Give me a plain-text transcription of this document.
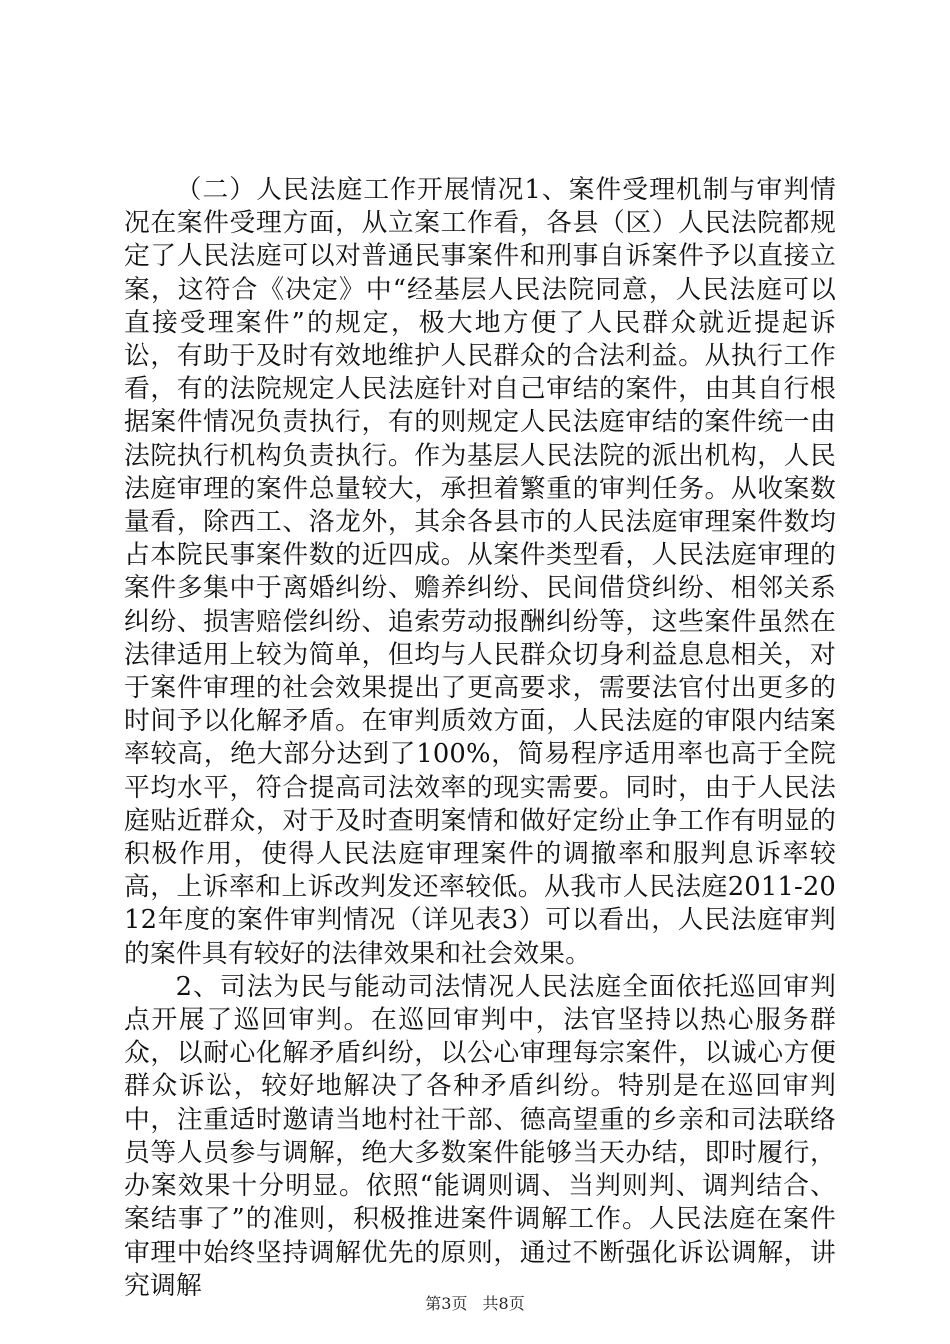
（二）人民法庭工作开展情况1、案件受理机制与审判情况在案件受理方面，从立案工作看，各县（区）人民法院都规定了人民法庭可以对普通民事案件和刑事自诉案件予以直接立案，这符合《决定》中“经基层人民法院同意，人民法庭可以直接受理案件”的规定，极大地方便了人民群众就近提起诉讼，有助于及时有效地维护人民群众的合法利益。从执行工作看，有的法院规定人民法庭针对自己审结的案件，由其自行根据案件情况负责执行，有的则规定人民法庭审结的案件统一由法院执行机构负责执行。作为基层人民法院的派出机构，人民法庭审理的案件总量较大，承担着繁重的审判任务。从收案数量看，除西工、洛龙外，其余各县市的人民法庭审理案件数均占本院民事案件数的近四成。从案件类型看，人民法庭审理的案件多集中于离婚纠纷、赡养纠纷、民间借贷纠纷、相邻关系纠纷、损害赔偿纠纷、追索劳动报酬纠纷等，这些案件虽然在法律适用上较为简单，但均与人民群众切身利益息息相关，对于案件审理的社会效果提出了更高要求，需要法官付出更多的时间予以化解矛盾。在审判质效方面，人民法庭的审限内结案率较高，绝大部分达到了100%，简易程序适用率也高于全院平均水平，符合提高司法效率的现实需要。同时，由于人民法庭贴近群众，对于及时查明案情和做好定纷止争工作有明显的积极作用，使得人民法庭审理案件的调撤率和服判息诉率较高，上诉率和上诉改判发还率较低。从我市人民法庭2011-2012年度的案件审判情况（详见表3）可以看出，人民法庭审判的案件具有较好的法律效果和社会效果。

2、司法为民与能动司法情况人民法庭全面依托巡回审判点开展了巡回审判。在巡回审判中，法官坚持以热心服务群众，以耐心化解矛盾纠纷，以公心审理每宗案件，以诚心方便群众诉讼，较好地解决了各种矛盾纠纷。特别是在巡回审判中，注重适时邀请当地村社干部、德高望重的乡亲和司法联络员等人员参与调解，绝大多数案件能够当天办结，即时履行，办案效果十分明显。依照“能调则调、当判则判、调判结合、案结事了”的准则，积极推进案件调解工作。人民法庭在案件审理中始终坚持调解优先的原则，通过不断强化诉讼调解，讲究调解

第3页 共8页
